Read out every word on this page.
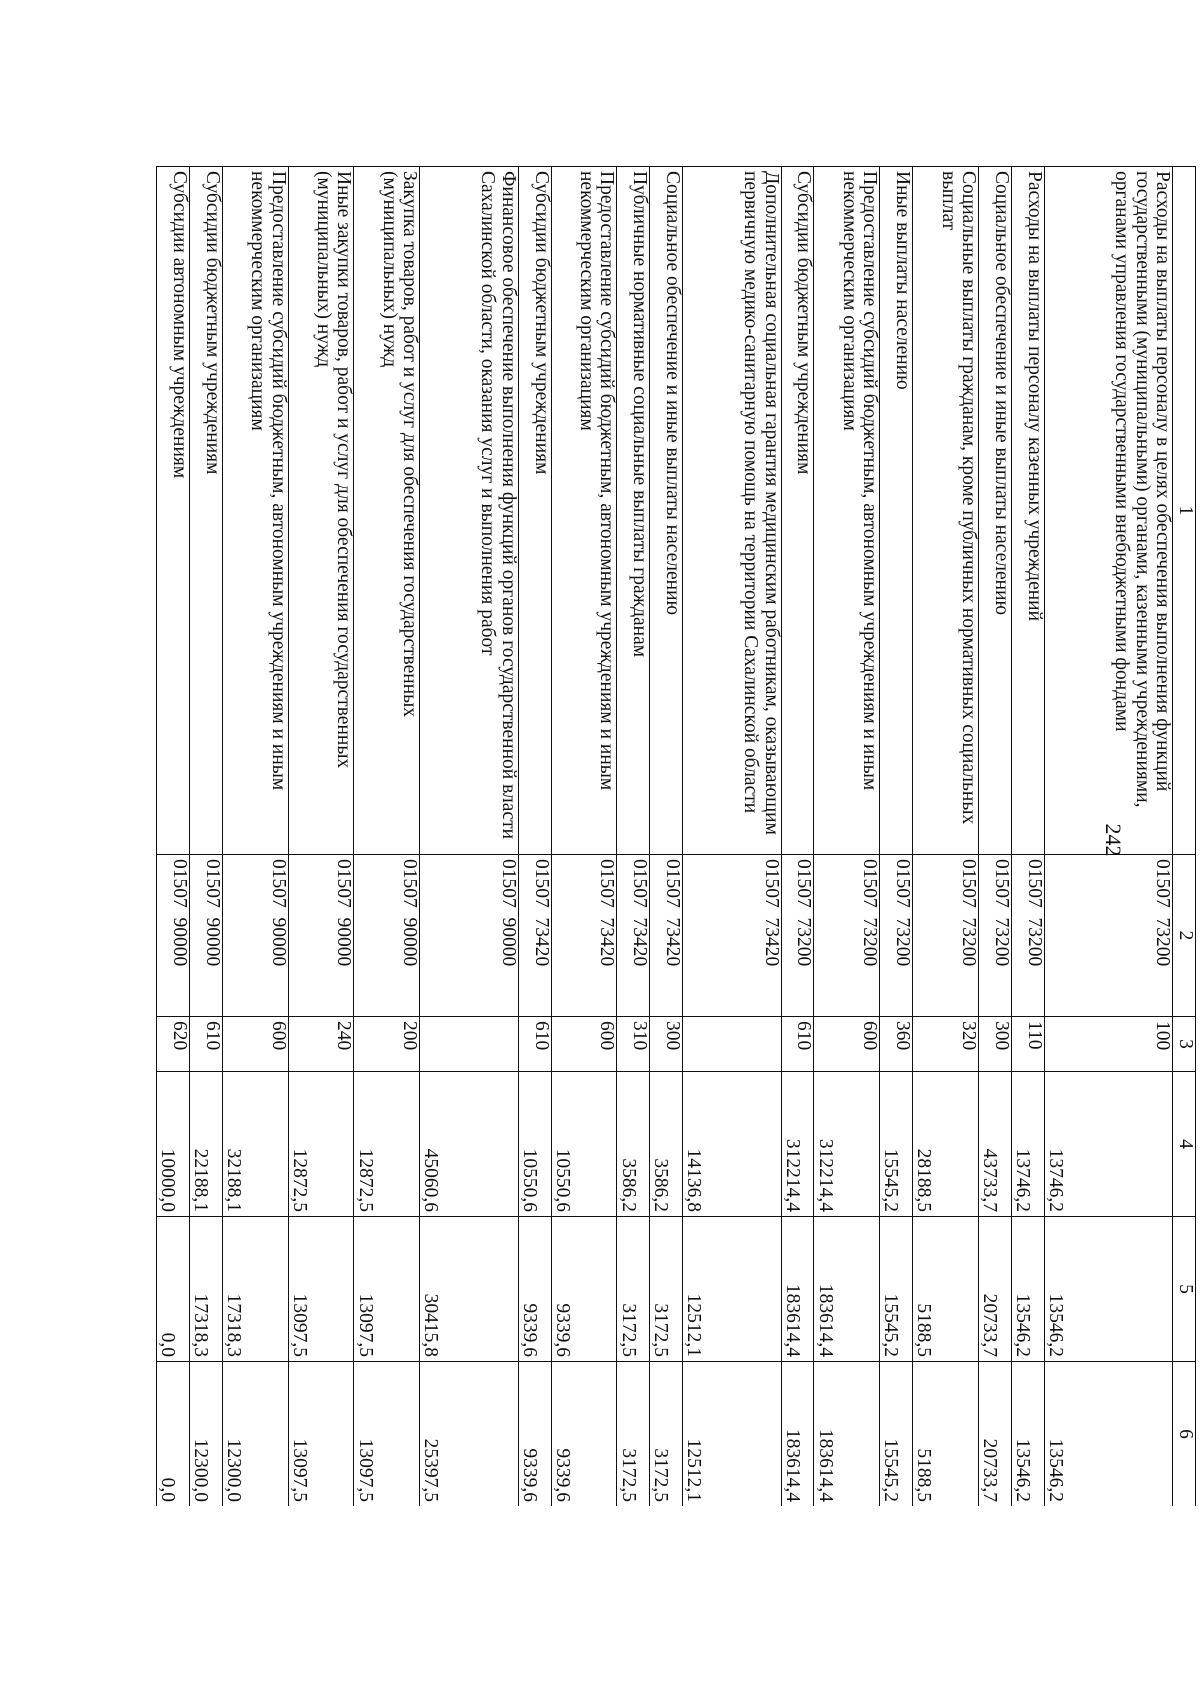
242
1	2	3	4	5	6
Расходы на выплаты персоналу в целях обеспечения выполнения функций государственными (муниципальными) органами, казенными учреждениями, органами управления государственными внебюджетными фондами	01507  73200	100	13746,2	13546,2	13546,2
Расходы на выплаты персоналу казенных учреждений	01507  73200	110	13746,2	13546,2	13546,2
Социальное обеспечение и иные выплаты населению	01507  73200	300	43733,7	20733,7	20733,7
Социальные выплаты гражданам, кроме публичных нормативных социальных выплат	01507  73200	320	28188,5	5188,5	5188,5
Иные выплаты населению	01507  73200	360	15545,2	15545,2	15545,2
Предоставление субсидий бюджетным, автономным учреждениям и иным некоммерческим организациям	01507  73200	600	312214,4	183614,4	183614,4
Субсидии бюджетным учреждениям	01507  73200	610	312214,4	183614,4	183614,4
Дополнительная социальная гарантия медицинским работникам, оказывающим первичную медико-санитарную помощь на территории Сахалинской области	01507  73420		14136,8	12512,1	12512,1
Социальное обеспечение и иные выплаты населению	01507  73420	300	3586,2	3172,5	3172,5
Публичные нормативные социальные выплаты гражданам	01507  73420	310	3586,2	3172,5	3172,5
Предоставление субсидий бюджетным, автономным учреждениям и иным некоммерческим организациям	01507  73420	600	10550,6	9339,6	9339,6
Субсидии бюджетным учреждениям	01507  73420	610	10550,6	9339,6	9339,6
Финансовое обеспечение выполнения функций органов государственной власти Сахалинской области, оказания услуг и выполнения работ	01507  90000		45060,6	30415,8	25397,5
Закупка товаров, работ и услуг для обеспечения государственных (муниципальных) нужд	01507  90000	200	12872,5	13097,5	13097,5
Иные закупки товаров, работ и услуг для обеспечения государственных (муниципальных) нужд	01507  90000	240	12872,5	13097,5	13097,5
Предоставление субсидий бюджетным, автономным учреждениям и иным некоммерческим организациям	01507  90000	600	32188,1	17318,3	12300,0
Субсидии бюджетным учреждениям	01507  90000	610	22188,1	17318,3	12300,0
Субсидии автономным учреждениям	01507  90000	620	10000,0	0,0	0,0
